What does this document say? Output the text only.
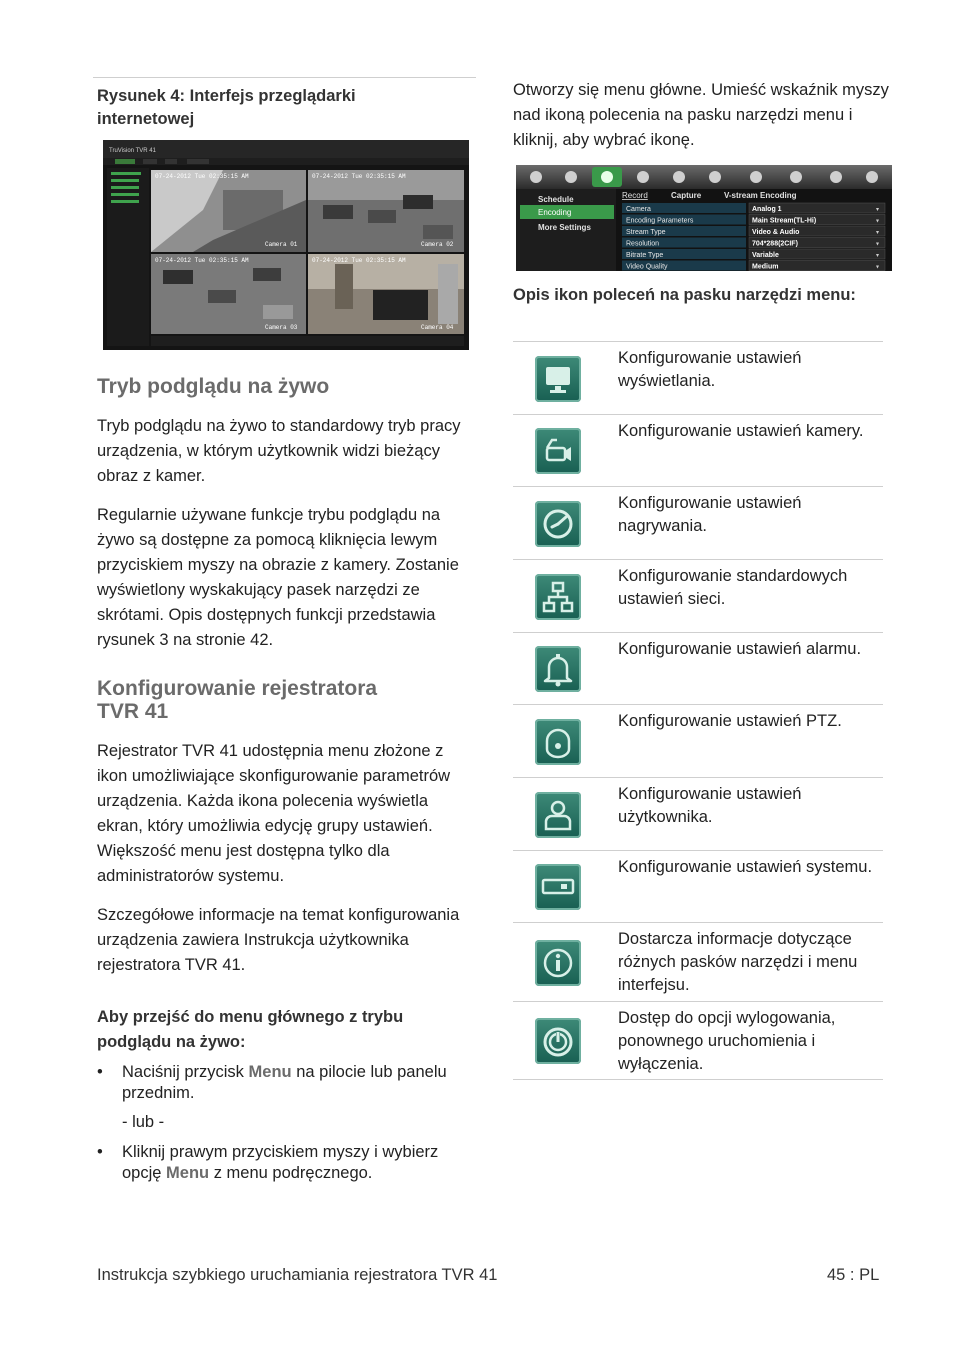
Rysunek 4: Interfejs przeglądarki internetowej
TruVision TVR 41
07-24-2012 Tue 02:35:15 AM	07-24-2012 Tue 02:35:15 AM
07-24-2012 Tue 02:35:15 AM	07-24-2012 Tue 02:35:15 AM
Camera 01	Camera 02
Camera 03	Camera 04
Tryb podglądu na żywo
Tryb podglądu na żywo to standardowy tryb pracy urządzenia, w którym użytkownik widzi bieżący obraz z kamer.
Regularnie używane funkcje trybu podglądu na żywo są dostępne za pomocą kliknięcia lewym przyciskiem myszy na obrazie z kamery. Zostanie wyświetlony wyskakujący pasek narzędzi ze skrótami. Opis dostępnych funkcji przedstawia rysunek 3 na stronie 42.
Konfigurowanie rejestratora
TVR 41
Rejestrator TVR 41 udostępnia menu złożone z ikon umożliwiające skonfigurowanie parametrów urządzenia. Każda ikona polecenia wyświetla ekran, który umożliwia edycję grupy ustawień. Większość menu jest dostępna tylko dla administratorów systemu.
Szczegółowe informacje na temat konfigurowania urządzenia zawiera Instrukcja użytkownika rejestratora TVR 41.
Aby przejść do menu głównego z trybu podglądu na żywo:
• Naciśnij przycisk Menu na pilocie lub panelu przednim.
- lub -
• Kliknij prawym przyciskiem myszy i wybierz opcję Menu z menu podręcznego.
Otworzy się menu główne. Umieść wskaźnik myszy nad ikoną polecenia na pasku narzędzi menu i kliknij, aby wybrać ikonę.
Schedule
Encoding
More Settings
Record	Capture	V-stream Encoding
Camera	Analog 1	▾
Encoding Parameters	Main Stream(TL-Hi)	▾
Stream Type	Video & Audio	▾
Resolution	704*288(2CIF)	▾
Bitrate Type	Variable	▾
Video Quality	Medium	▾
Opis ikon poleceń na pasku narzędzi menu:
Konfigurowanie ustawień wyświetlania.
Konfigurowanie ustawień kamery.
Konfigurowanie ustawień nagrywania.
Konfigurowanie standardowych ustawień sieci.
Konfigurowanie ustawień alarmu.
Konfigurowanie ustawień PTZ.
Konfigurowanie ustawień użytkownika.
Konfigurowanie ustawień systemu.
Dostarcza informacje dotyczące różnych pasków narzędzi i menu interfejsu.
Dostęp do opcji wylogowania, ponownego uruchomienia i wyłączenia.
Instrukcja szybkiego uruchamiania rejestratora TVR 41	45 : PL
